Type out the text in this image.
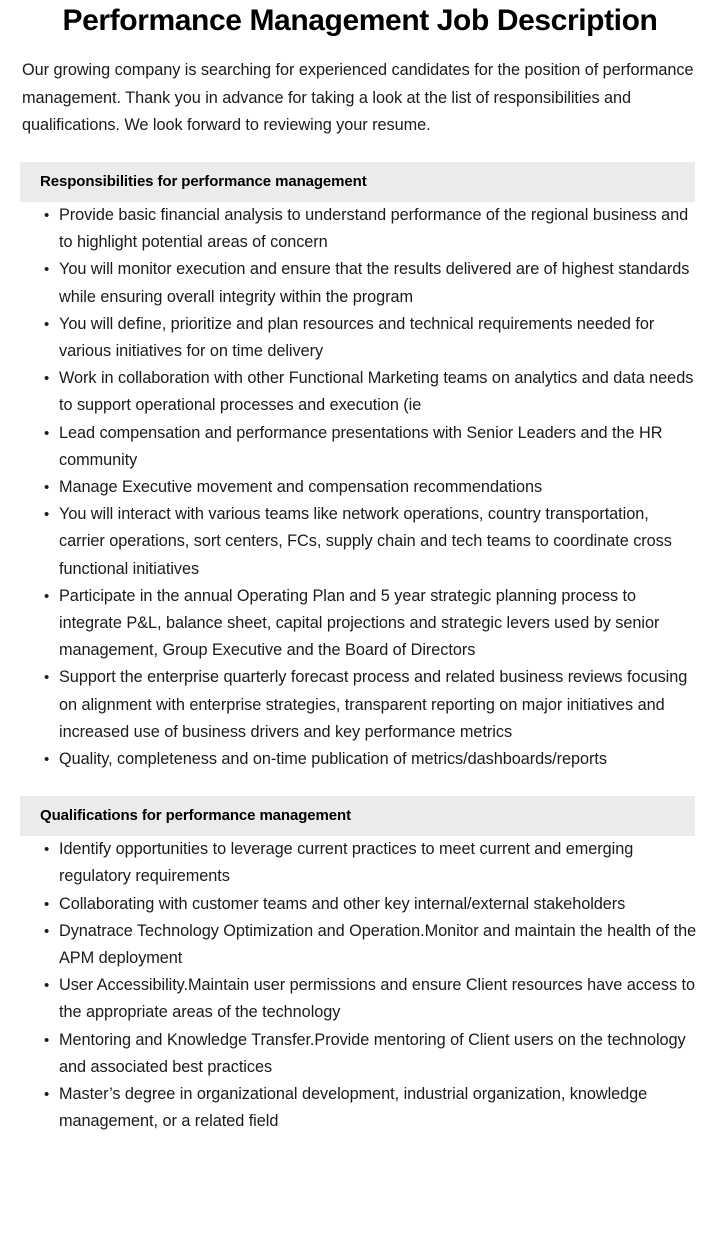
Performance Management Job Description

Our growing company is searching for experienced candidates for the position of performance management. Thank you in advance for taking a look at the list of responsibilities and qualifications. We look forward to reviewing your resume.

Responsibilities for performance management
• Provide basic financial analysis to understand performance of the regional business and to highlight potential areas of concern
• You will monitor execution and ensure that the results delivered are of highest standards while ensuring overall integrity within the program
• You will define, prioritize and plan resources and technical requirements needed for various initiatives for on time delivery
• Work in collaboration with other Functional Marketing teams on analytics and data needs to support operational processes and execution (ie
• Lead compensation and performance presentations with Senior Leaders and the HR community
• Manage Executive movement and compensation recommendations
• You will interact with various teams like network operations, country transportation, carrier operations, sort centers, FCs, supply chain and tech teams to coordinate cross functional initiatives
• Participate in the annual Operating Plan and 5 year strategic planning process to integrate P&L, balance sheet, capital projections and strategic levers used by senior management, Group Executive and the Board of Directors
• Support the enterprise quarterly forecast process and related business reviews focusing on alignment with enterprise strategies, transparent reporting on major initiatives and increased use of business drivers and key performance metrics
• Quality, completeness and on-time publication of metrics/dashboards/reports
Qualifications for performance management
• Identify opportunities to leverage current practices to meet current and emerging regulatory requirements
• Collaborating with customer teams and other key internal/external stakeholders
• Dynatrace Technology Optimization and Operation.Monitor and maintain the health of the APM deployment
• User Accessibility.Maintain user permissions and ensure Client resources have access to the appropriate areas of the technology
• Mentoring and Knowledge Transfer.Provide mentoring of Client users on the technology and associated best practices
• Master’s degree in organizational development, industrial organization, knowledge management, or a related field
